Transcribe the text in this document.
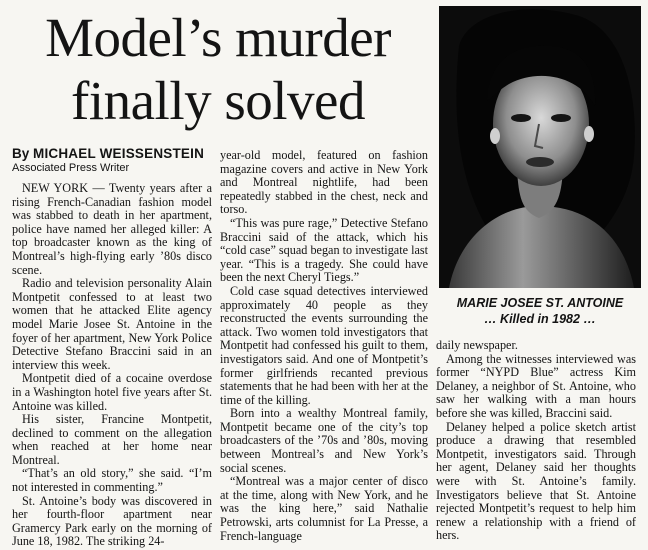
Model’s murder
finally solved
By MICHAEL WEISSENSTEIN
Associated Press Writer

NEW YORK — Twenty years after a rising French-Canadian fashion model was stabbed to death in her apartment, police have named her alleged killer: A top broadcaster known as the king of Montreal’s high-flying early ’80s disco scene.

Radio and television personality Alain Montpetit confessed to at least two women that he attacked Elite agency model Marie Josee St. Antoine in the foyer of her apartment, New York Police Detective Stefano Braccini said in an interview this week.

Montpetit died of a cocaine overdose in a Washington hotel five years after St. Antoine was killed.

His sister, Francine Montpetit, declined to comment on the allegation when reached at her home near Montreal.

“That’s an old story,” she said. “I’m not interested in commenting.”

St. Antoine’s body was discovered in her fourth-floor apartment near Gramercy Park early on the morning of June 18, 1982. The striking 24-

year-old model, featured on fashion magazine covers and active in New York and Montreal nightlife, had been repeatedly stabbed in the chest, neck and torso.

“This was pure rage,” Detective Stefano Braccini said of the attack, which his “cold case” squad began to investigate last year. “This is a tragedy. She could have been the next Cheryl Tiegs.”

Cold case squad detectives interviewed approximately 40 people as they reconstructed the events surrounding the attack. Two women told investigators that Montpetit had confessed his guilt to them, investigators said. And one of Montpetit’s former girlfriends recanted previous statements that he had been with her at the time of the killing.

Born into a wealthy Montreal family, Montpetit became one of the city’s top broadcasters of the ’70s and ’80s, moving between Montreal’s and New York’s social scenes.

“Montreal was a major center of disco at the time, along with New York, and he was the king here,” said Nathalie Petrowski, arts columnist for La Presse, a French-language

MARIE JOSEE ST. ANTOINE
… Killed in 1982 …

daily newspaper.

Among the witnesses interviewed was former “NYPD Blue” actress Kim Delaney, a neighbor of St. Antoine, who saw her walking with a man hours before she was killed, Braccini said.

Delaney helped a police sketch artist produce a drawing that resembled Montpetit, investigators said. Through her agent, Delaney said her thoughts were with St. Antoine’s family. Investigators believe that St. Antoine rejected Montpetit’s request to help him renew a relationship with a friend of hers.
